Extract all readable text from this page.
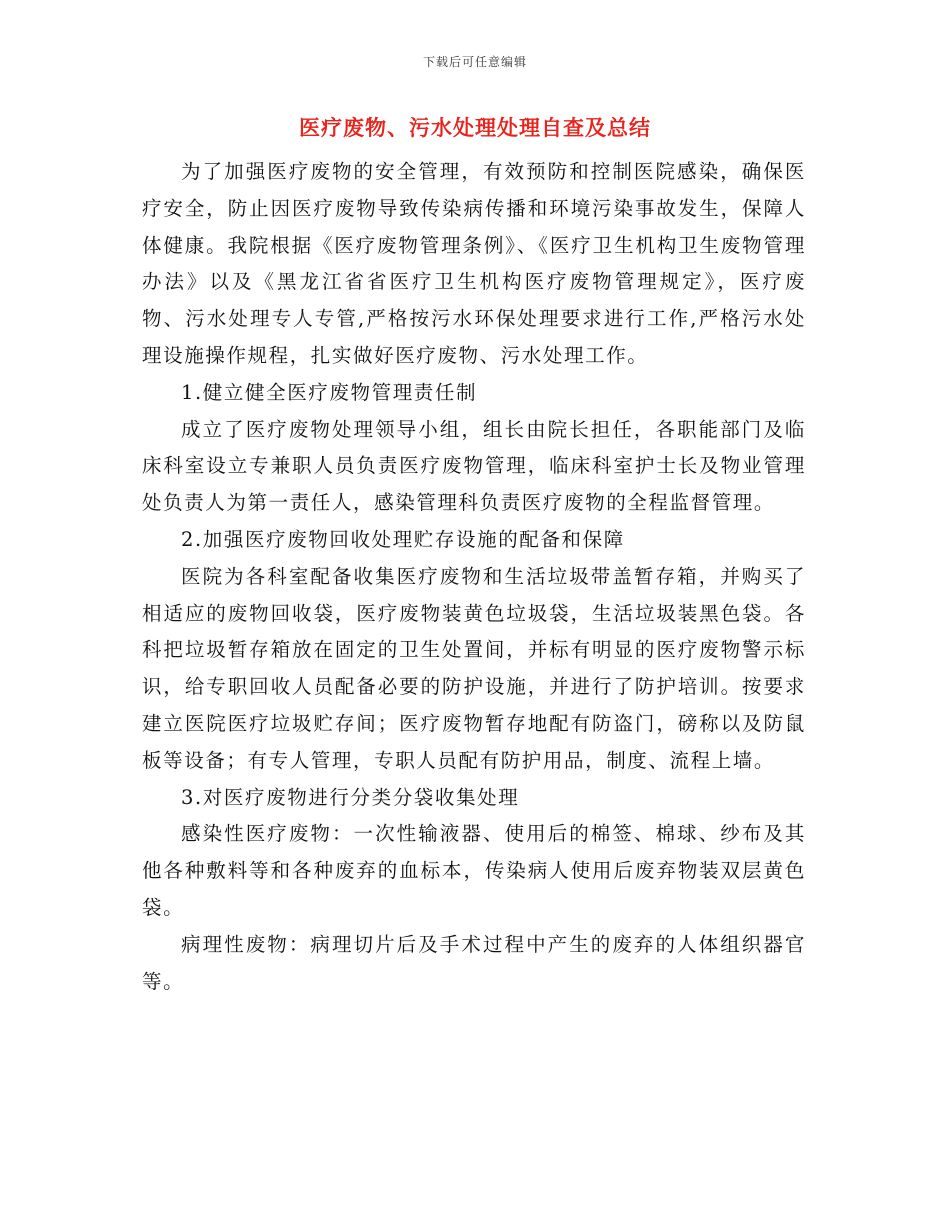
下载后可任意编辑
医疗废物、污水处理处理自查及总结

为了加强医疗废物的安全管理，有效预防和控制医院感染，确保医疗安全，防止因医疗废物导致传染病传播和环境污染事故发生，保障人体健康。我院根据《医疗废物管理条例》、《医疗卫生机构卫生废物管理办法》以及《黑龙江省省医疗卫生机构医疗废物管理规定》，医疗废物、污水处理专人专管,严格按污水环保处理要求进行工作,严格污水处理设施操作规程，扎实做好医疗废物、污水处理工作。

1.健立健全医疗废物管理责任制

成立了医疗废物处理领导小组，组长由院长担任，各职能部门及临床科室设立专兼职人员负责医疗废物管理，临床科室护士长及物业管理处负责人为第一责任人，感染管理科负责医疗废物的全程监督管理。

2.加强医疗废物回收处理贮存设施的配备和保障

医院为各科室配备收集医疗废物和生活垃圾带盖暂存箱，并购买了相适应的废物回收袋，医疗废物装黄色垃圾袋，生活垃圾装黑色袋。各科把垃圾暂存箱放在固定的卫生处置间，并标有明显的医疗废物警示标识，给专职回收人员配备必要的防护设施，并进行了防护培训。按要求建立医院医疗垃圾贮存间；医疗废物暂存地配有防盗门，磅称以及防鼠板等设备；有专人管理，专职人员配有防护用品，制度、流程上墙。

3.对医疗废物进行分类分袋收集处理

感染性医疗废物：一次性输液器、使用后的棉签、棉球、纱布及其他各种敷料等和各种废弃的血标本，传染病人使用后废弃物装双层黄色袋。

病理性废物：病理切片后及手术过程中产生的废弃的人体组织器官等。
